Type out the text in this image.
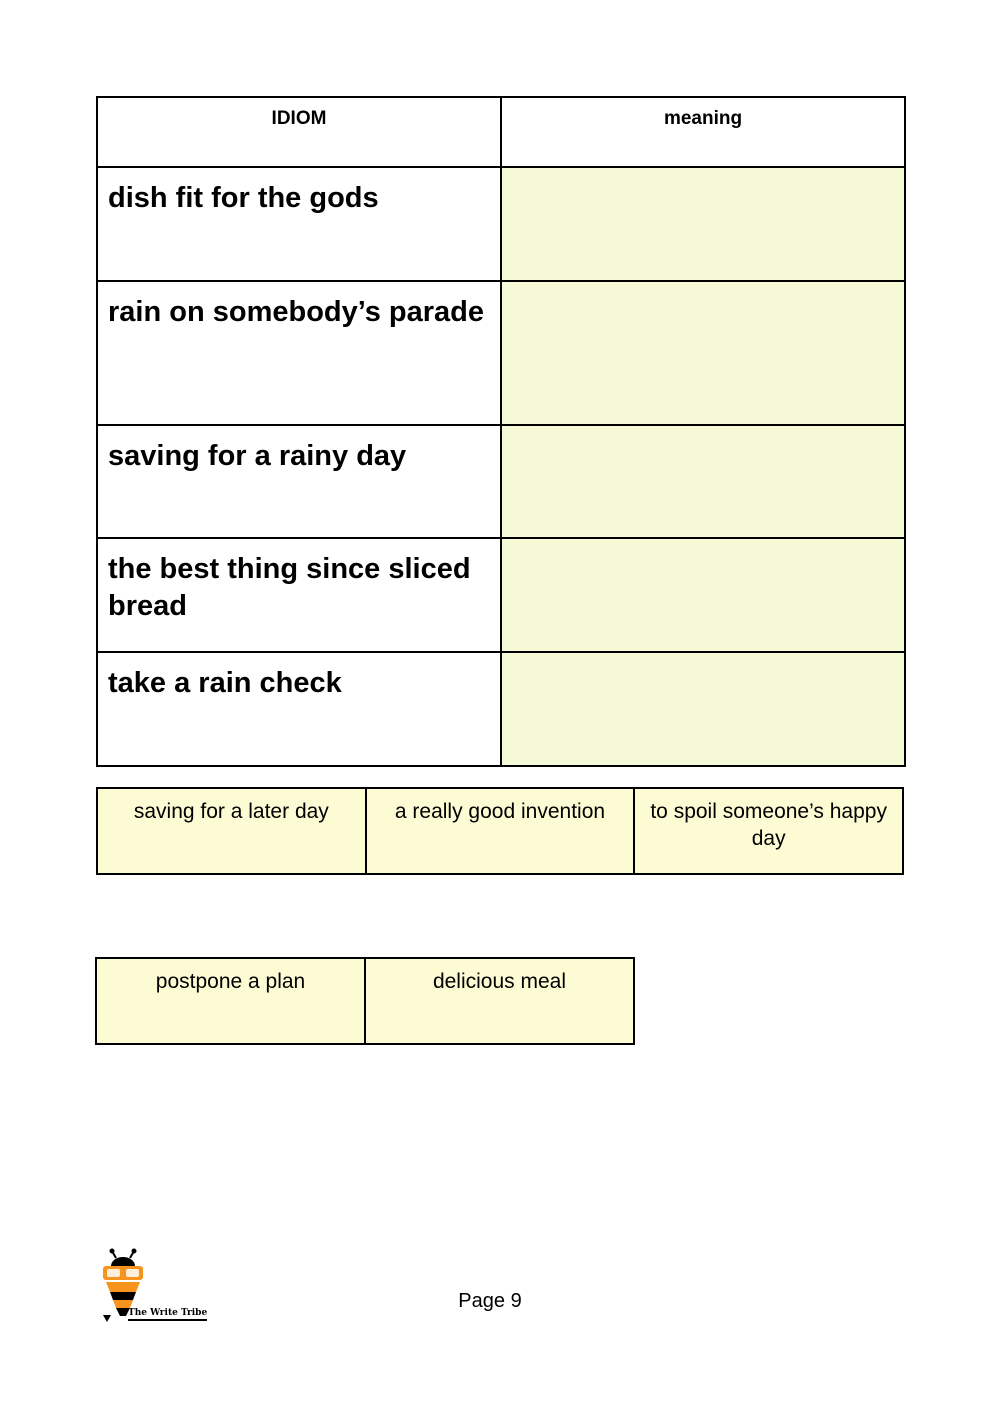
IDIOM	meaning
dish fit for the gods	
rain on somebody’s parade	
saving for a rainy day	
the best thing since sliced bread	
take a rain check	
saving for a later day	a really good invention	to spoil someone’s happy day
postpone a plan	delicious meal
The Write Tribe
Page 9
